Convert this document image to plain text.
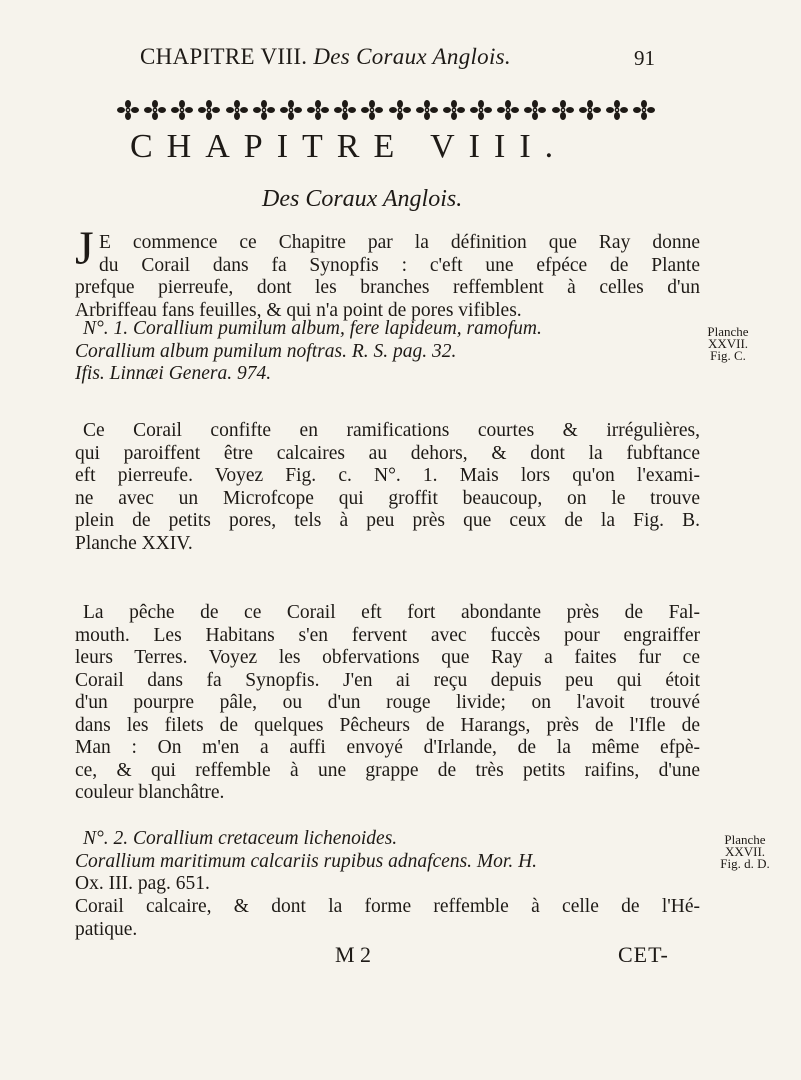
CHAPITRE VIII. Des Coraux Anglois.	91
CHAPITRE VIII.
Des Coraux Anglois.
J E commence ce Chapitre par la définition que Ray donne
du Corail dans fa Synopfis : c'eft une efpéce de Plante
prefque pierreufe, dont les branches reffemblent à celles d'un
Arbriffeau fans feuilles, & qui n'a point de pores vifibles.
N°. 1. Corallium pumilum album, fere lapideum, ramofum.
Corallium album pumilum noftras. R. S. pag. 32.
Ifis. Linnæi Genera. 974.
Planche
XXVII.
Fig. C.
Ce Corail confifte en ramifications courtes & irrégulières,
qui paroiffent être calcaires au dehors, & dont la fubftance
eft pierreufe. Voyez Fig. c. N°. 1. Mais lors qu'on l'exami-
ne avec un Microfcope qui groffit beaucoup, on le trouve
plein de petits pores, tels à peu près que ceux de la Fig. B.
Planche XXIV.
La pêche de ce Corail eft fort abondante près de Fal-
mouth. Les Habitans s'en fervent avec fuccès pour engraiffer
leurs Terres. Voyez les obfervations que Ray a faites fur ce
Corail dans fa Synopfis. J'en ai reçu depuis peu qui étoit
d'un pourpre pâle, ou d'un rouge livide; on l'avoit trouvé
dans les filets de quelques Pêcheurs de Harangs, près de l'Ifle de
Man : On m'en a auffi envoyé d'Irlande, de la même efpè-
ce, & qui reffemble à une grappe de très petits raifins, d'une
couleur blanchâtre.
N°. 2. Corallium cretaceum lichenoides.
Corallium maritimum calcariis rupibus adnafcens. Mor. H.
Ox. III. pag. 651.
Planche
XXVII.
Fig. d. D.
Corail calcaire, & dont la forme reffemble à celle de l'Hé-
patique.
M 2	CET-
